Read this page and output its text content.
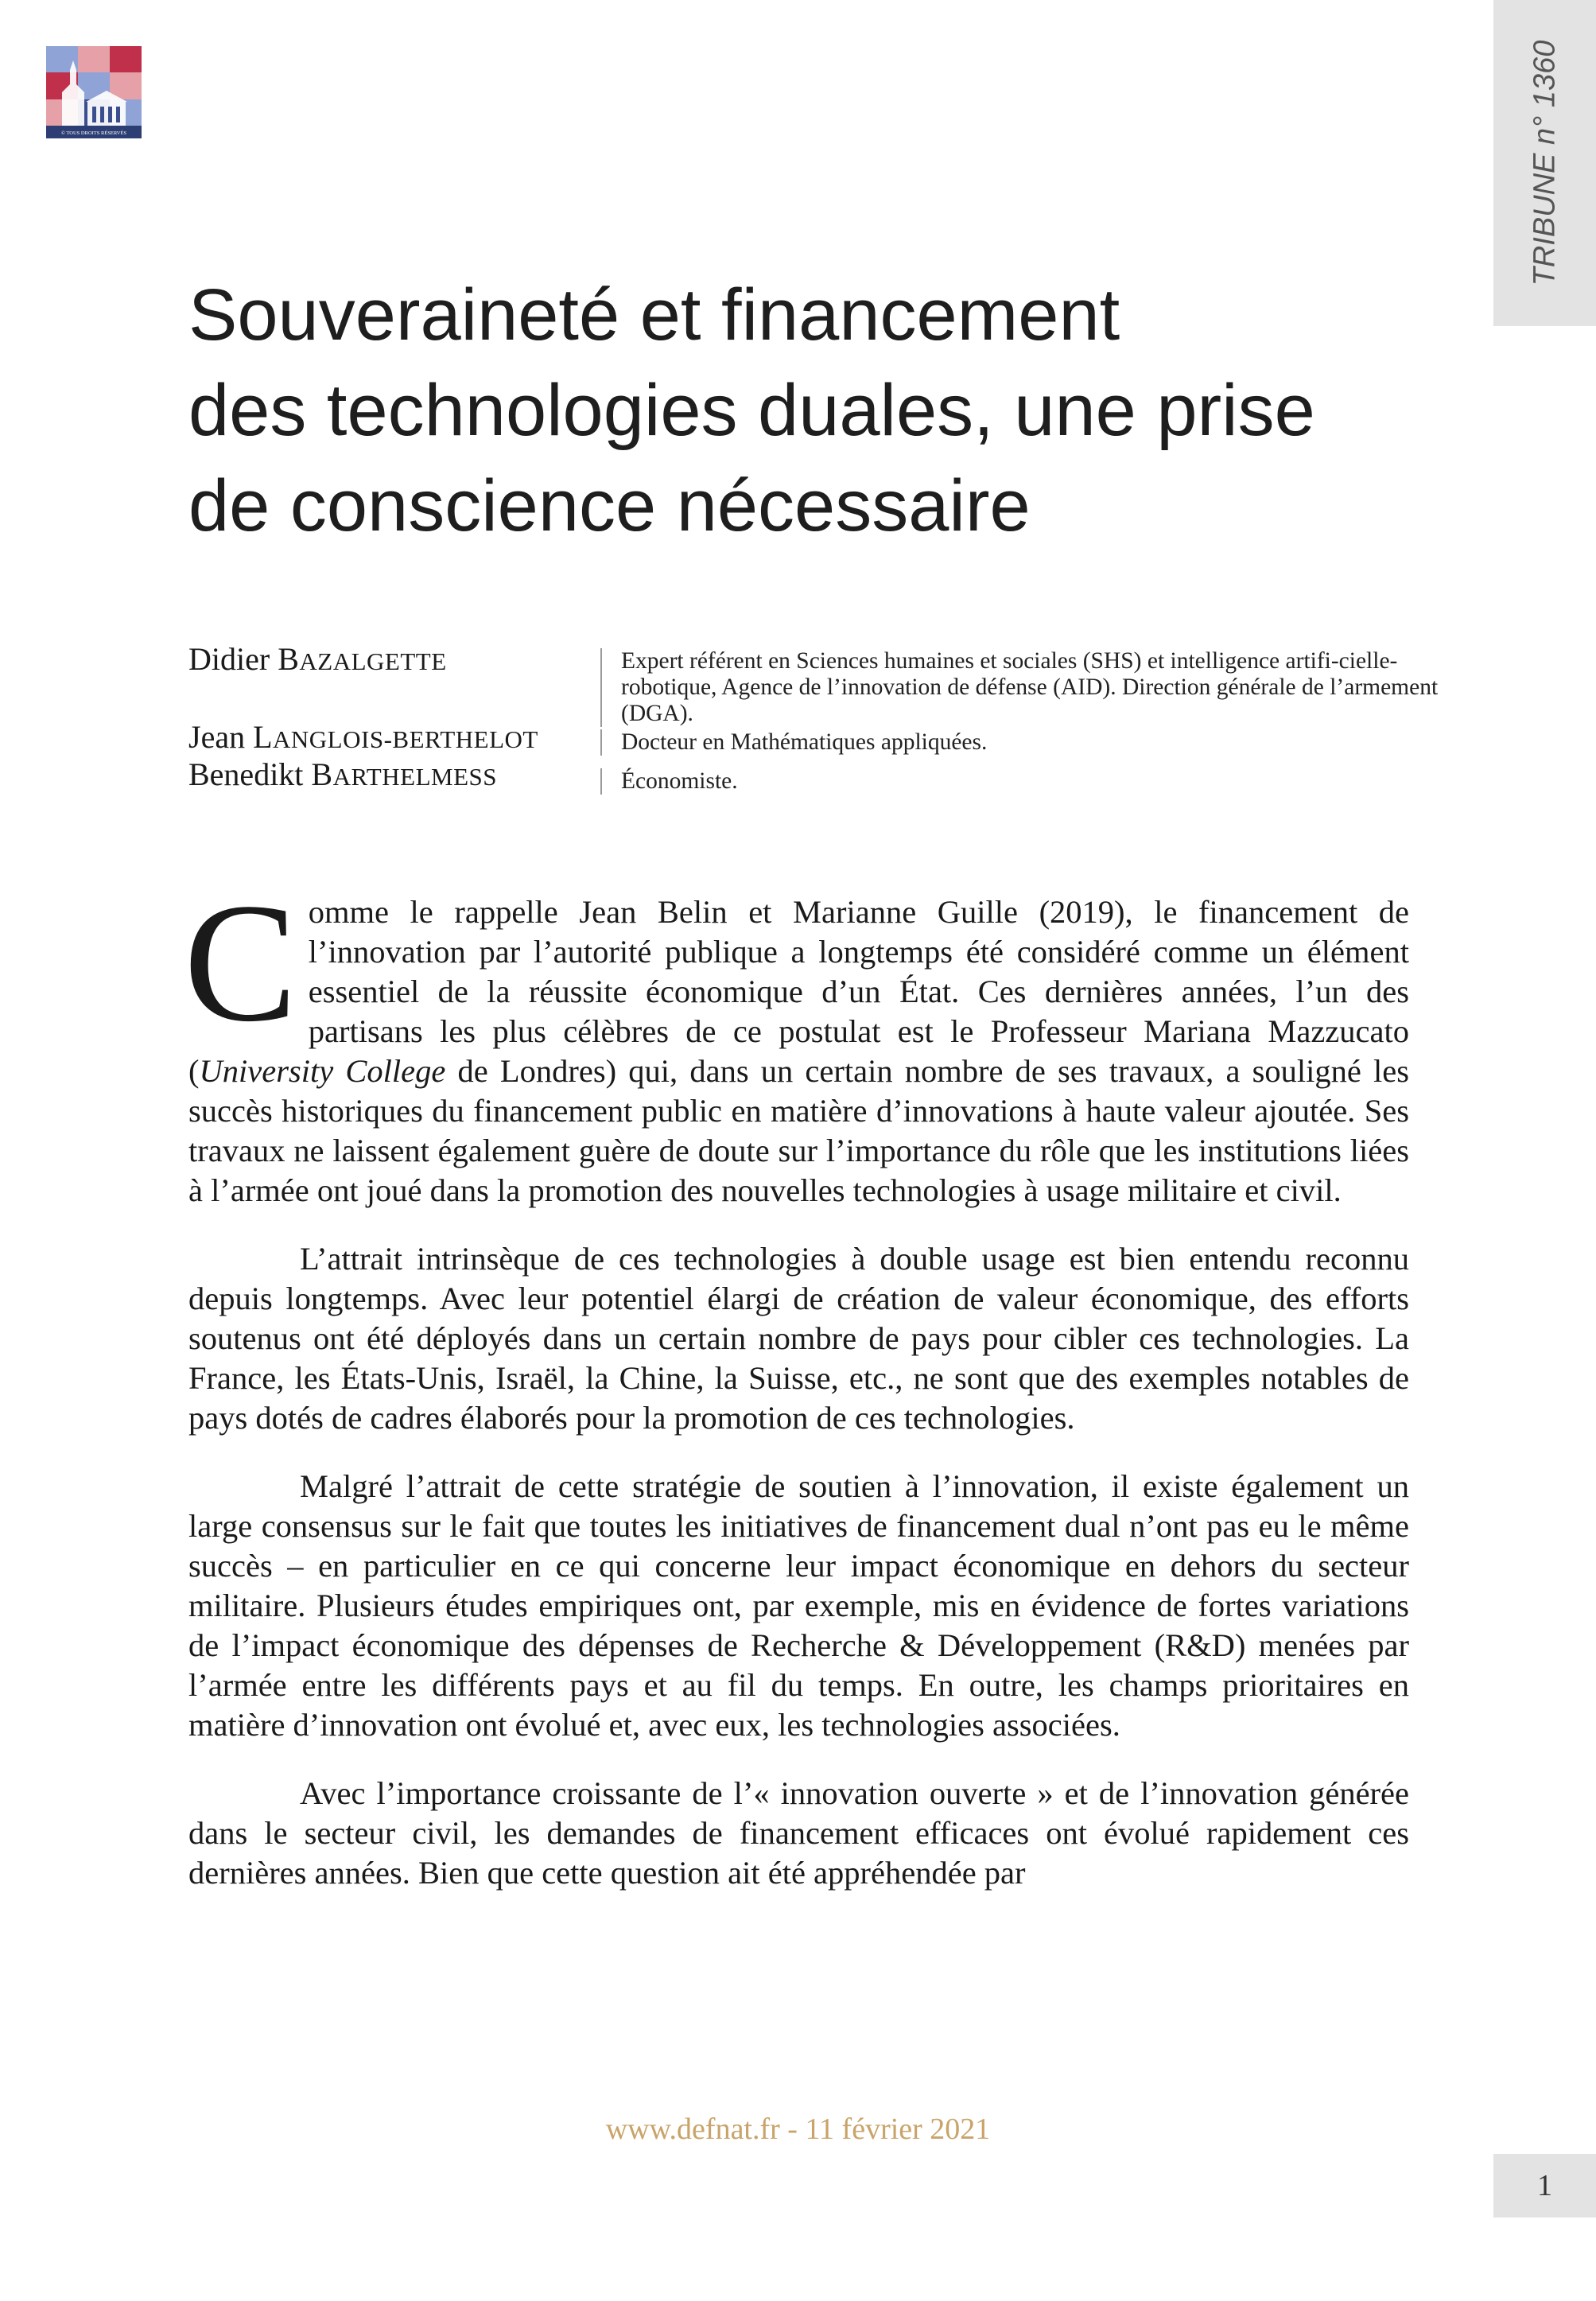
© TOUS DROITS RÉSERVÉS	TRIBUNE n° 1360
Souveraineté et financement
des technologies duales, une prise
de conscience nécessaire
Didier BAZALGETTE	Expert référent en Sciences humaines et sociales (SHS) et intelligence artifi-cielle-robotique, Agence de l’innovation de défense (AID). Direction générale de l’armement (DGA).
Jean LANGLOIS-BERTHELOT	Docteur en Mathématiques appliquées.
Benedikt BARTHELMESS	Économiste.

Comme le rappelle Jean Belin et Marianne Guille (2019), le financement de l’innovation par l’autorité publique a longtemps été considéré comme un élément essentiel de la réussite économique d’un État. Ces dernières années, l’un des partisans les plus célèbres de ce postulat est le Professeur Mariana Mazzucato (University College de Londres) qui, dans un certain nombre de ses travaux, a souligné les succès historiques du financement public en matière d’innovations à haute valeur ajoutée. Ses travaux ne laissent également guère de doute sur l’importance du rôle que les institutions liées à l’armée ont joué dans la promotion des nouvelles technologies à usage militaire et civil.

L’attrait intrinsèque de ces technologies à double usage est bien entendu reconnu depuis longtemps. Avec leur potentiel élargi de création de valeur économique, des efforts soutenus ont été déployés dans un certain nombre de pays pour cibler ces technologies. La France, les États-Unis, Israël, la Chine, la Suisse, etc., ne sont que des exemples notables de pays dotés de cadres élaborés pour la promotion de ces technologies.

Malgré l’attrait de cette stratégie de soutien à l’innovation, il existe également un large consensus sur le fait que toutes les initiatives de financement dual n’ont pas eu le même succès – en particulier en ce qui concerne leur impact économique en dehors du secteur militaire. Plusieurs études empiriques ont, par exemple, mis en évidence de fortes variations de l’impact économique des dépenses de Recherche & Développement (R&D) menées par l’armée entre les différents pays et au fil du temps. En outre, les champs prioritaires en matière d’innovation ont évolué et, avec eux, les technologies associées.

Avec l’importance croissante de l’« innovation ouverte » et de l’innovation générée dans le secteur civil, les demandes de financement efficaces ont évolué rapidement ces dernières années. Bien que cette question ait été appréhendée par

www.defnat.fr - 11 février 2021
1
